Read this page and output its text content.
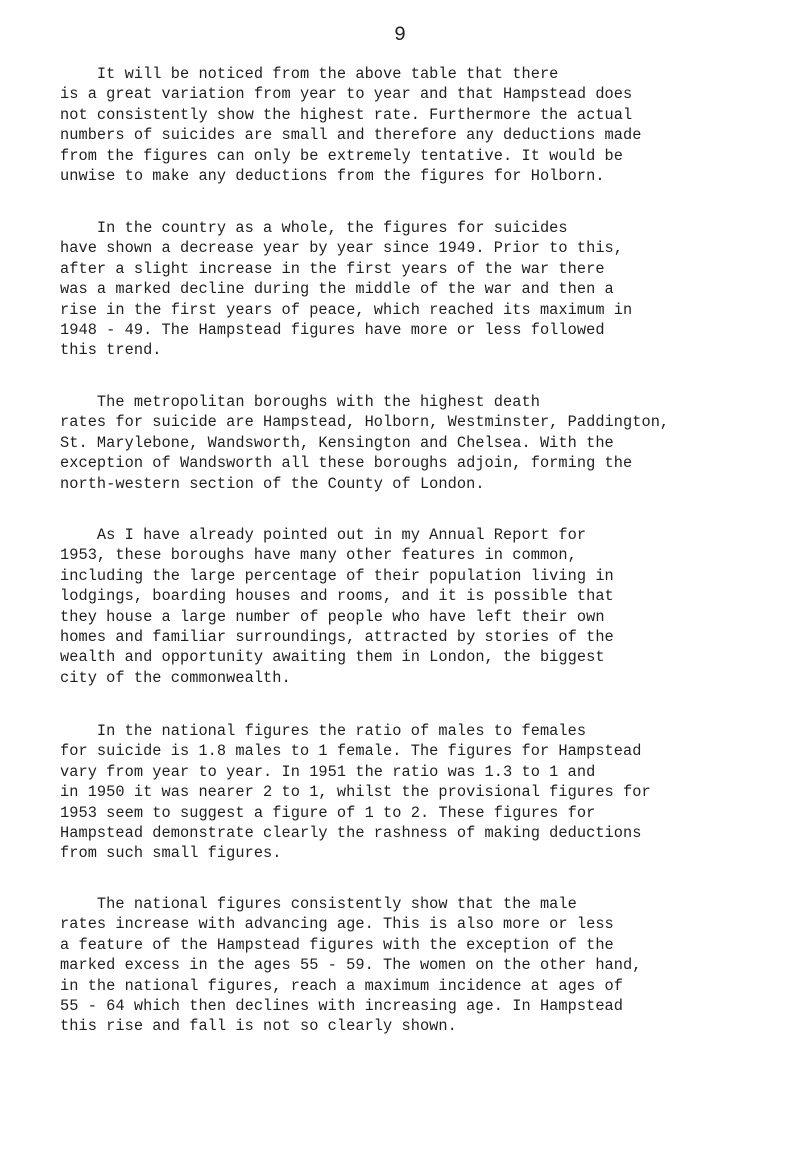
9
It will be noticed from the above table that there
is a great variation from year to year and that Hampstead does
not consistently show the highest rate. Furthermore the actual
numbers of suicides are small and therefore any deductions made
from the figures can only be extremely tentative. It would be
unwise to make any deductions from the figures for Holborn.
In the country as a whole, the figures for suicides
have shown a decrease year by year since 1949. Prior to this,
after a slight increase in the first years of the war there
was a marked decline during the middle of the war and then a
rise in the first years of peace, which reached its maximum in
1948 - 49. The Hampstead figures have more or less followed
this trend.
The metropolitan boroughs with the highest death
rates for suicide are Hampstead, Holborn, Westminster, Paddington,
St. Marylebone, Wandsworth, Kensington and Chelsea. With the
exception of Wandsworth all these boroughs adjoin, forming the
north-western section of the County of London.
As I have already pointed out in my Annual Report for
1953, these boroughs have many other features in common,
including the large percentage of their population living in
lodgings, boarding houses and rooms, and it is possible that
they house a large number of people who have left their own
homes and familiar surroundings, attracted by stories of the
wealth and opportunity awaiting them in London, the biggest
city of the commonwealth.
In the national figures the ratio of males to females
for suicide is 1.8 males to 1 female. The figures for Hampstead
vary from year to year. In 1951 the ratio was 1.3 to 1 and
in 1950 it was nearer 2 to 1, whilst the provisional figures for
1953 seem to suggest a figure of 1 to 2. These figures for
Hampstead demonstrate clearly the rashness of making deductions
from such small figures.
The national figures consistently show that the male
rates increase with advancing age. This is also more or less
a feature of the Hampstead figures with the exception of the
marked excess in the ages 55 - 59. The women on the other hand,
in the national figures, reach a maximum incidence at ages of
55 - 64 which then declines with increasing age. In Hampstead
this rise and fall is not so clearly shown.
